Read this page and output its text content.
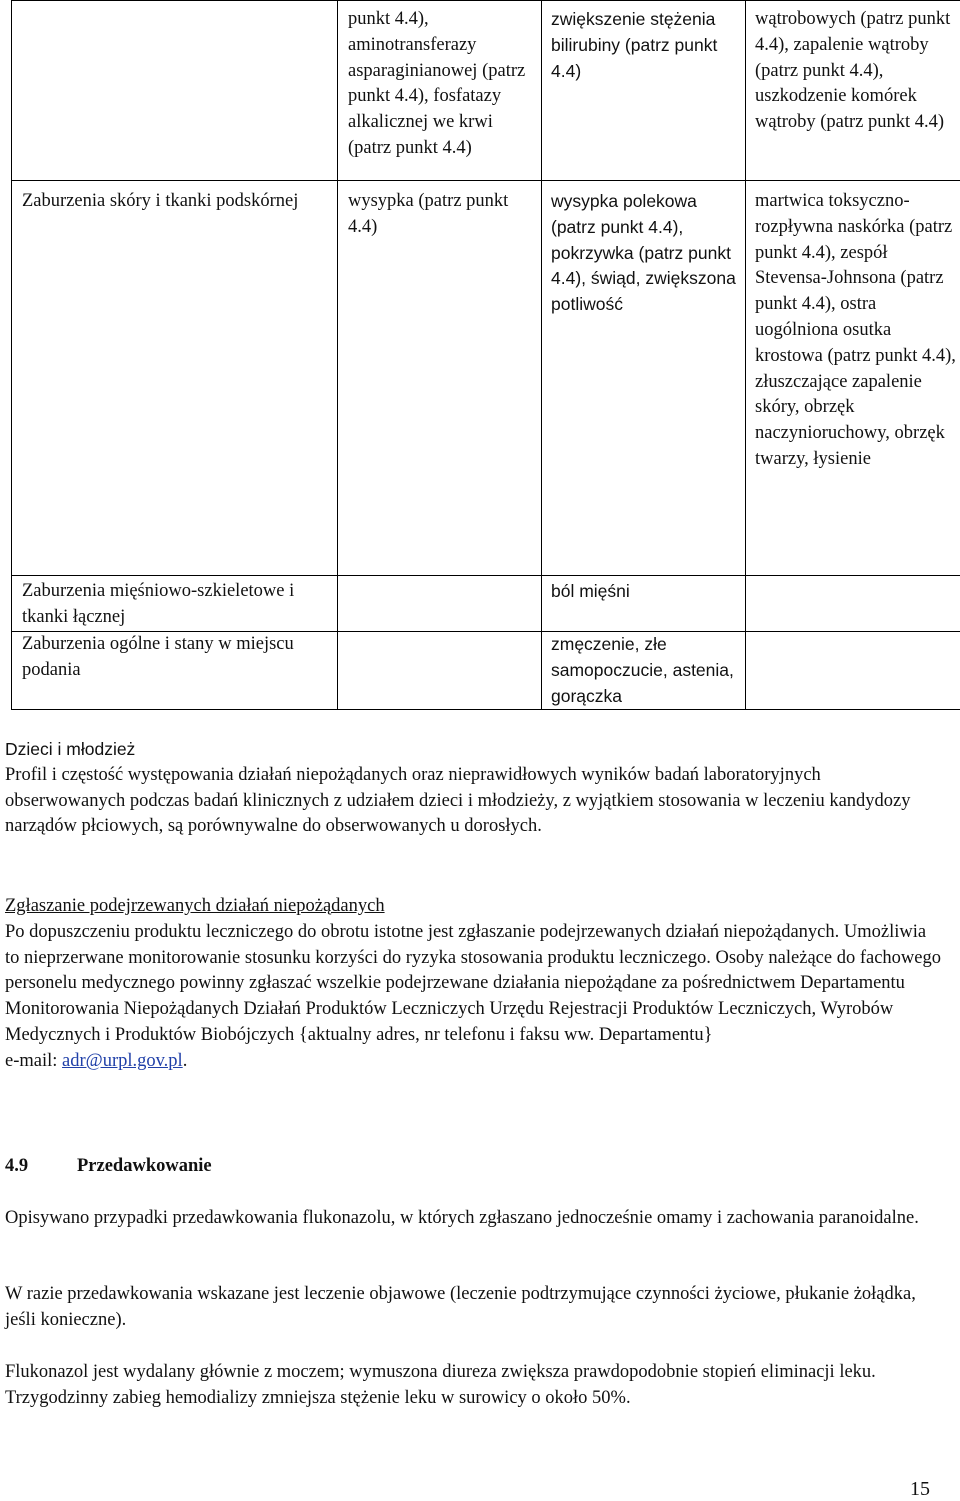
	punkt 4.4), aminotransferazy asparaginianowej (patrz punkt 4.4), fosfatazy alkalicznej we krwi (patrz punkt 4.4)	zwiększenie stężenia bilirubiny (patrz punkt 4.4)	wątrobowych (patrz punkt 4.4), zapalenie wątroby (patrz punkt 4.4), uszkodzenie komórek wątroby (patrz punkt 4.4)

Zaburzenia skóry i tkanki podskórnej	wysypka (patrz punkt 4.4)	wysypka polekowa (patrz punkt 4.4), pokrzywka (patrz punkt 4.4), świąd, zwiększona potliwość	martwica toksyczno-rozpływna naskórka (patrz punkt 4.4), zespół Stevensa-Johnsona (patrz punkt 4.4), ostra uogólniona osutka krostowa (patrz punkt 4.4), złuszczające zapalenie skóry, obrzęk naczynioruchowy, obrzęk twarzy, łysienie

Zaburzenia mięśniowo-szkieletowe i tkanki łącznej		ból mięśni	

Zaburzenia ogólne i stany w miejscu podania		zmęczenie, złe samopoczucie, astenia, gorączka	

Dzieci i młodzież

Profil i częstość występowania działań niepożądanych oraz nieprawidłowych wyników badań laboratoryjnych obserwowanych podczas badań klinicznych z udziałem dzieci i młodzieży, z wyjątkiem stosowania w leczeniu kandydozy narządów płciowych, są porównywalne do obserwowanych u dorosłych.

Zgłaszanie podejrzewanych działań niepożądanych

Po dopuszczeniu produktu leczniczego do obrotu istotne jest zgłaszanie podejrzewanych działań niepożądanych. Umożliwia to nieprzerwane monitorowanie stosunku korzyści do ryzyka stosowania produktu leczniczego. Osoby należące do fachowego personelu medycznego powinny zgłaszać wszelkie podejrzewane działania niepożądane za pośrednictwem Departamentu Monitorowania Niepożądanych Działań Produktów Leczniczych Urzędu Rejestracji Produktów Leczniczych, Wyrobów Medycznych i Produktów Biobójczych {aktualny adres, nr telefonu i faksu ww. Departamentu}

e-mail: adr@urpl.gov.pl.

4.9	Przedawkowanie

Opisywano przypadki przedawkowania flukonazolu, w których zgłaszano jednocześnie omamy i zachowania paranoidalne.

W razie przedawkowania wskazane jest leczenie objawowe (leczenie podtrzymujące czynności życiowe, płukanie żołądka, jeśli konieczne).

Flukonazol jest wydalany głównie z moczem; wymuszona diureza zwiększa prawdopodobnie stopień eliminacji leku. Trzygodzinny zabieg hemodializy zmniejsza stężenie leku w surowicy o około 50%.

15
